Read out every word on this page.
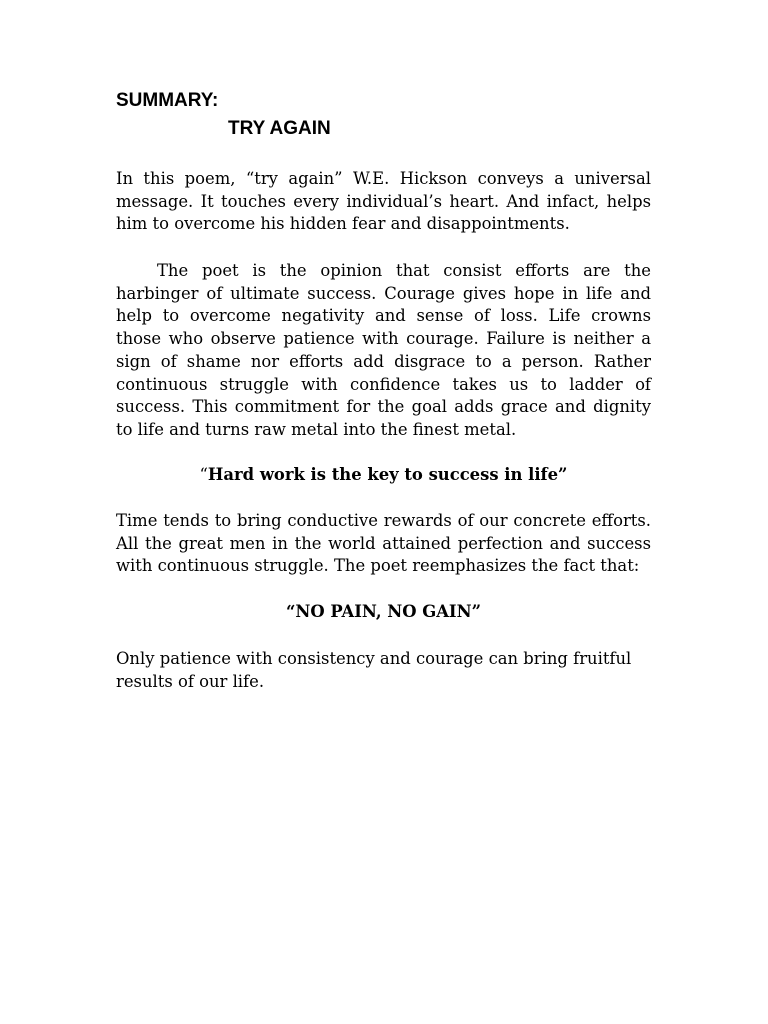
SUMMARY:
TRY AGAIN

In this poem, “try again” W.E. Hickson conveys a universal message. It touches every individual’s heart. And infact, helps him to overcome his hidden fear and disappointments.

The poet is the opinion that consist efforts are the harbinger of ultimate success. Courage gives hope in life and help to overcome negativity and sense of loss. Life crowns those who observe patience with courage. Failure is neither a sign of shame nor efforts add disgrace to a person. Rather continuous struggle with confidence takes us to ladder of success. This commitment for the goal adds grace and dignity to life and turns raw metal into the finest metal.

“Hard work is the key to success in life”

Time tends to bring conductive rewards of our concrete efforts. All the great men in the world attained perfection and success with continuous struggle. The poet reemphasizes the fact that:

“NO PAIN, NO GAIN”

Only patience with consistency and courage can bring fruitful results of our life.
